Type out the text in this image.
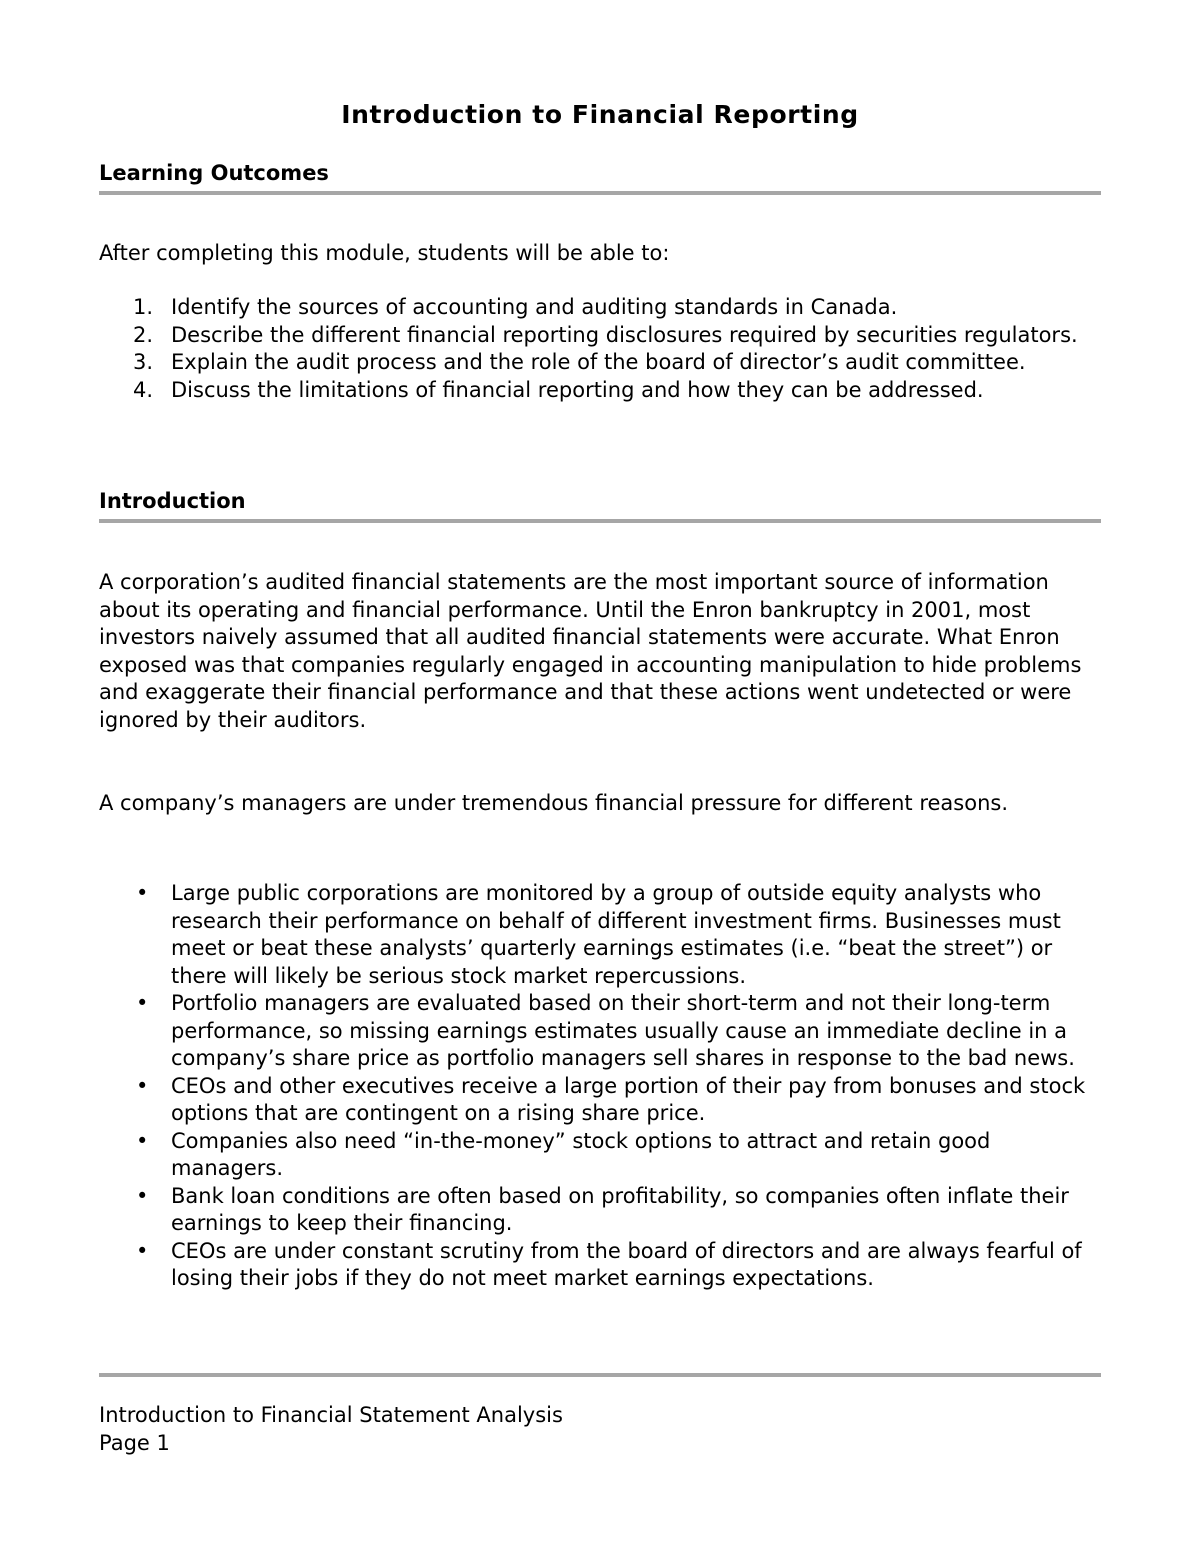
Introduction to Financial Reporting
Learning Outcomes

After completing this module, students will be able to:

1. Identify the sources of accounting and auditing standards in Canada.
2. Describe the different financial reporting disclosures required by securities regulators.
3. Explain the audit process and the role of the board of director’s audit committee.
4. Discuss the limitations of financial reporting and how they can be addressed.
Introduction

A corporation’s audited financial statements are the most important source of information about its operating and financial performance. Until the Enron bankruptcy in 2001, most investors naively assumed that all audited financial statements were accurate. What Enron exposed was that companies regularly engaged in accounting manipulation to hide problems and exaggerate their financial performance and that these actions went undetected or were ignored by their auditors.

A company’s managers are under tremendous financial pressure for different reasons.

• Large public corporations are monitored by a group of outside equity analysts who research their performance on behalf of different investment firms. Businesses must meet or beat these analysts’ quarterly earnings estimates (i.e. “beat the street”) or there will likely be serious stock market repercussions.
• Portfolio managers are evaluated based on their short-term and not their long-term performance, so missing earnings estimates usually cause an immediate decline in a company’s share price as portfolio managers sell shares in response to the bad news.
• CEOs and other executives receive a large portion of their pay from bonuses and stock options that are contingent on a rising share price.
• Companies also need “in-the-money” stock options to attract and retain good managers.
• Bank loan conditions are often based on profitability, so companies often inflate their earnings to keep their financing.
• CEOs are under constant scrutiny from the board of directors and are always fearful of losing their jobs if they do not meet market earnings expectations.
Introduction to Financial Statement Analysis
Page 1
